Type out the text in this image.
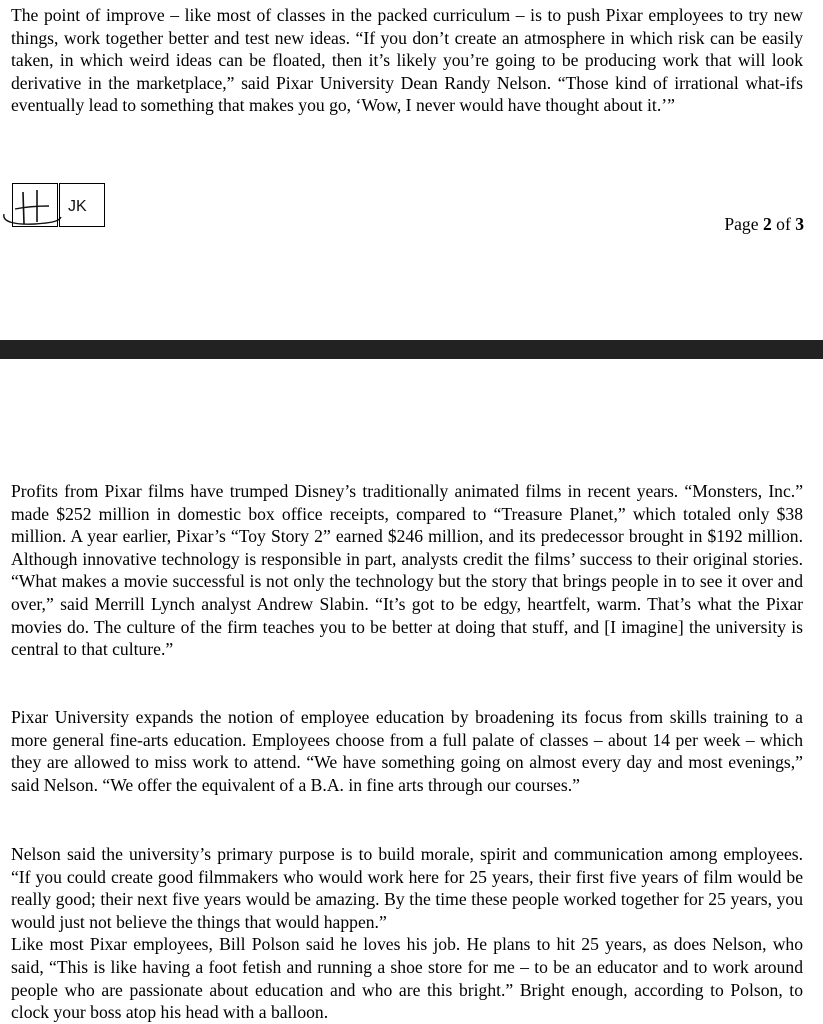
The point of improve – like most of classes in the packed curriculum – is to push Pixar employees to try new things, work together better and test new ideas. “If you don’t create an atmosphere in which risk can be easily taken, in which weird ideas can be floated, then it’s likely you’re going to be producing work that will look derivative in the marketplace,” said Pixar University Dean Randy Nelson. “Those kind of irrational what-ifs eventually lead to something that makes you go, ‘Wow, I never would have thought about it.’”

JK
Page 2 of 3

Profits from Pixar films have trumped Disney’s traditionally animated films in recent years. “Monsters, Inc.” made $252 million in domestic box office receipts, compared to “Treasure Planet,” which totaled only $38 million. A year earlier, Pixar’s “Toy Story 2” earned $246 million, and its predecessor brought in $192 million. Although innovative technology is responsible in part, analysts credit the films’ success to their original stories. “What makes a movie successful is not only the technology but the story that brings people in to see it over and over,” said Merrill Lynch analyst Andrew Slabin. “It’s got to be edgy, heartfelt, warm. That’s what the Pixar movies do. The culture of the firm teaches you to be better at doing that stuff, and [I imagine] the university is central to that culture.”

Pixar University expands the notion of employee education by broadening its focus from skills training to a more general fine-arts education. Employees choose from a full palate of classes – about 14 per week – which they are allowed to miss work to attend. “We have something going on almost every day and most evenings,” said Nelson. “We offer the equivalent of a B.A. in fine arts through our courses.”

Nelson said the university’s primary purpose is to build morale, spirit and communication among employees. “If you could create good filmmakers who would work here for 25 years, their first five years of film would be really good; their next five years would be amazing. By the time these people worked together for 25 years, you would just not believe the things that would happen.”
Like most Pixar employees, Bill Polson said he loves his job. He plans to hit 25 years, as does Nelson, who said, “This is like having a foot fetish and running a shoe store for me – to be an educator and to work around people who are passionate about education and who are this bright.” Bright enough, according to Polson, to clock your boss atop his head with a balloon.
